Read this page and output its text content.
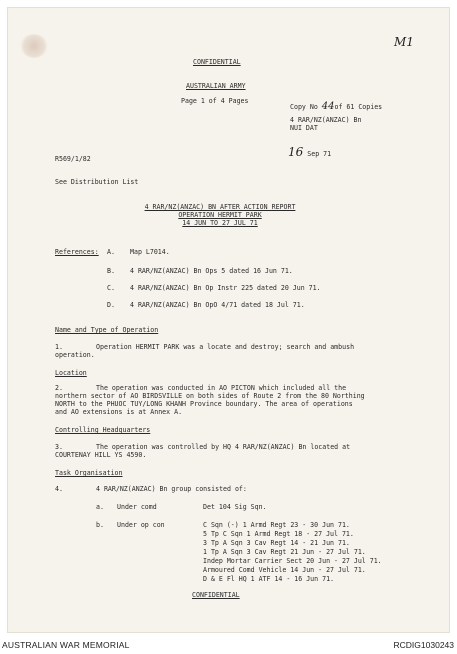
M1
CONFIDENTIAL
AUSTRALIAN ARMY
Page 1 of 4 Pages
Copy No 44of 61 Copies
4 RAR/NZ(ANZAC) Bn
NUI DAT
R569/1/82	16 Sep 71
See Distribution List
4 RAR/NZ(ANZAC) BN AFTER ACTION REPORT
OPERATION HERMIT PARK
14 JUN TO 27 JUL 71
References: A. Map L7014.
B. 4 RAR/NZ(ANZAC) Bn Ops 5 dated 16 Jun 71.
C. 4 RAR/NZ(ANZAC) Bn Op Instr 225 dated 20 Jun 71.
D. 4 RAR/NZ(ANZAC) Bn OpO 4/71 dated 18 Jul 71.
Name and Type of Operation
1.	Operation HERMIT PARK was a locate and destroy; search and ambush
operation.
Location
2.	The operation was conducted in AO PICTON which included all the
northern sector of AO BIRDSVILLE on both sides of Route 2 from the 80 Northing
NORTH to the PHUOC TUY/LONG KHANH Province boundary. The area of operations
and AO extensions is at Annex A.
Controlling Headquarters
3.	The operation was controlled by HQ 4 RAR/NZ(ANZAC) Bn located at
COURTENAY HILL YS 4590.
Task Organisation
4.	4 RAR/NZ(ANZAC) Bn group consisted of:
a. Under comd	Det 104 Sig Sqn.
b. Under op con	C Sqn (-) 1 Armd Regt 23 - 30 Jun 71.
5 Tp C Sqn 1 Armd Regt 18 - 27 Jul 71.
3 Tp A Sqn 3 Cav Regt 14 - 21 Jun 71.
1 Tp A Sqn 3 Cav Regt 21 Jun - 27 Jul 71.
Indep Mortar Carrier Sect 20 Jun - 27 Jul 71.
Armoured Comd Vehicle 14 Jun - 27 Jul 71.
D & E Fl HQ 1 ATF 14 - 16 Jun 71.
CONFIDENTIAL
AUSTRALIAN WAR MEMORIAL	RCDIG1030243
